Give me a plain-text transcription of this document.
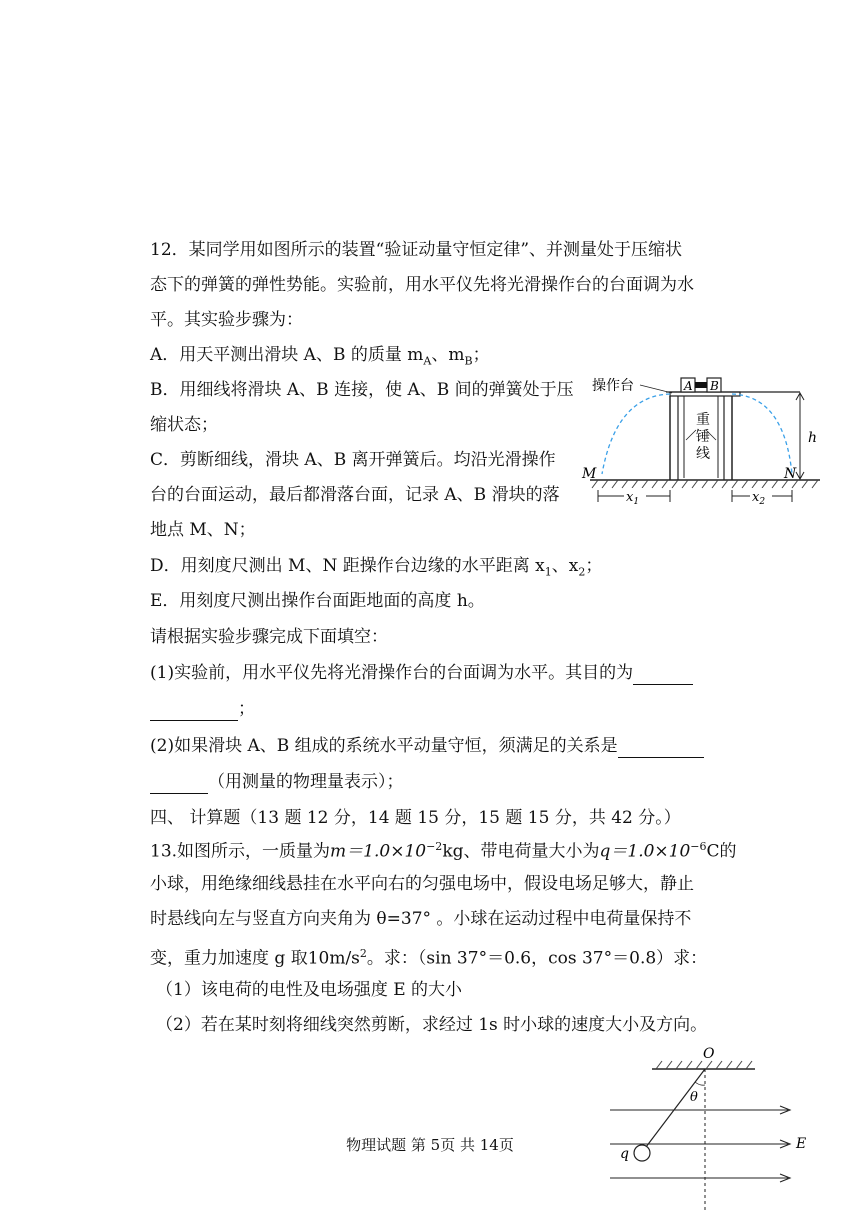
12．某同学用如图所示的装置“验证动量守恒定律”、并测量处于压缩状
态下的弹簧的弹性势能。实验前，用水平仪先将光滑操作台的台面调为水
平。其实验步骤为：
A．用天平测出滑块 A、B 的质量 $m_A$、$m_B$；
B．用细线将滑块 A、B 连接，使 A、B 间的弹簧处于压
缩状态；
C．剪断细线，滑块 A、B 离开弹簧后。均沿光滑操作
台的台面运动，最后都滑落台面，记录 A、B 滑块的落
地点 M、N；
D．用刻度尺测出 M、N 距操作台边缘的水平距离 $x_1$、$x_2$；
E．用刻度尺测出操作台面距地面的高度 h。
请根据实验步骤完成下面填空：
(1)实验前，用水平仪先将光滑操作台的台面调为水平。其目的为
；
(2)如果滑块 A、B 组成的系统水平动量守恒，须满足的关系是
（用测量的物理量表示）；
四、 计算题（13 题 12 分，14 题 15 分，15 题 15 分，共 42 分。）
13.如图所示，一质量为$m=1.0\times 10^{-2}kg$、带电荷量大小为$q=1.0\times 10^{-6}C$的
小球，用绝缘细线悬挂在水平向右的匀强电场中，假设电场足够大，静止
时悬线向左与竖直方向夹角为 θ=37° 。小球在运动过程中电荷量保持不
变，重力加速度 g 取$10m/s^2$。求：（sin 37°＝0.6，cos 37°＝0.8）求：
（1）该电荷的电性及电场强度 E 的大小
（2）若在某时刻将细线突然剪断，求经过 1s 时小球的速度大小及方向。
重
锤
线
A B
操作台
M	N
h
$x_1$	$x_2$
O
E
q
θ
物理试题 第 5页 共 14页
